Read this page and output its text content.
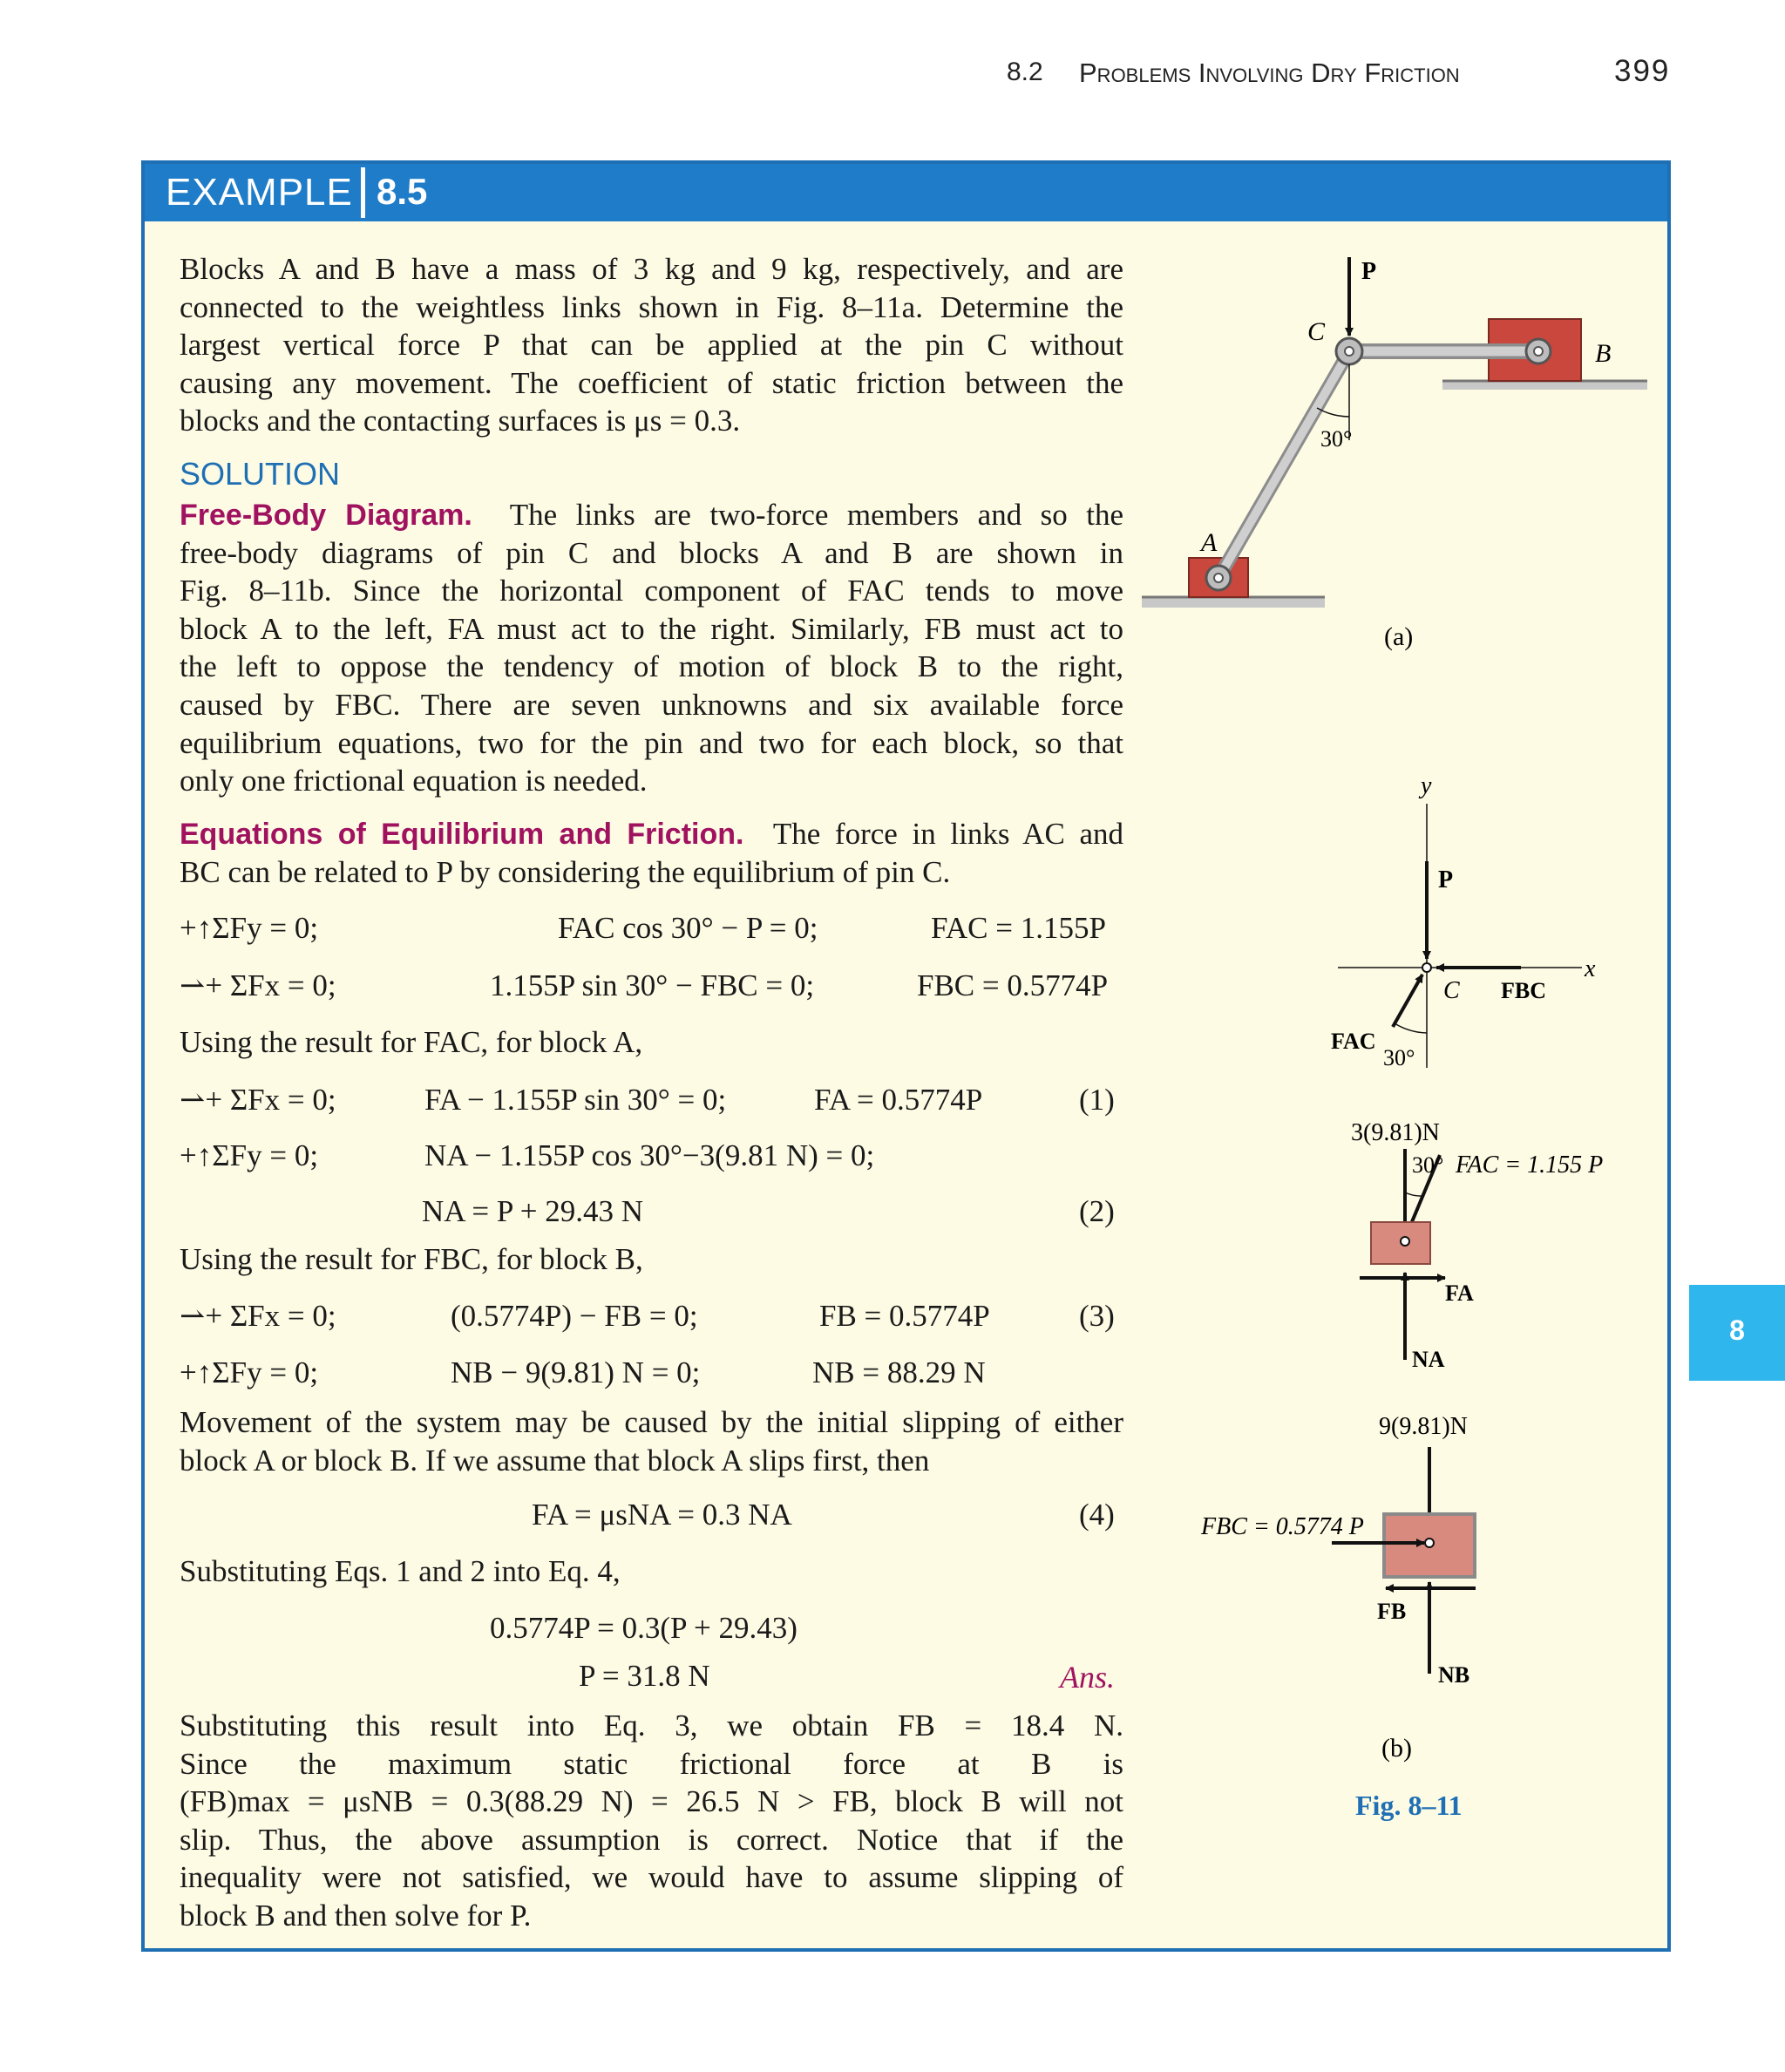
8.2 Problems Involving Dry Friction	399
EXAMPLE 8.5
Blocks A and B have a mass of 3 kg and 9 kg, respectively, and are
connected to the weightless links shown in Fig. 8–11a. Determine the
largest vertical force P that can be applied at the pin C without
causing any movement. The coefficient of static friction between the
blocks and the contacting surfaces is μs = 0.3.
SOLUTION
Free-Body Diagram. The links are two-force members and so the
free-body diagrams of pin C and blocks A and B are shown in
Fig. 8–11b. Since the horizontal component of FAC tends to move
block A to the left, FA must act to the right. Similarly, FB must act to
the left to oppose the tendency of motion of block B to the right,
caused by FBC. There are seven unknowns and six available force
equilibrium equations, two for the pin and two for each block, so that
only one frictional equation is needed.
Equations of Equilibrium and Friction. The force in links AC and
BC can be related to P by considering the equilibrium of pin C.
+↑ΣFy = 0;	FAC cos 30° − P = 0;	FAC = 1.155P
⇀+ ΣFx = 0;	1.155P sin 30° − FBC = 0;	FBC = 0.5774P
Using the result for FAC, for block A,
⇀+ ΣFx = 0;	FA − 1.155P sin 30° = 0;	FA = 0.5774P	(1)
+↑ΣFy = 0;	NA − 1.155P cos 30°−3(9.81 N) = 0;
NA = P + 29.43 N	(2)
Using the result for FBC, for block B,
⇀+ ΣFx = 0;	(0.5774P) − FB = 0;	FB = 0.5774P	(3)
+↑ΣFy = 0;	NB − 9(9.81) N = 0;	NB = 88.29 N
Movement of the system may be caused by the initial slipping of either
block A or block B. If we assume that block A slips first, then
FA = μsNA = 0.3 NA	(4)
Substituting Eqs. 1 and 2 into Eq. 4,
0.5774P = 0.3(P + 29.43)
P = 31.8 N	Ans.
Substituting this result into Eq. 3, we obtain FB = 18.4 N.
Since the maximum static frictional force at B is
(FB)max = μsNB = 0.3(88.29 N) = 26.5 N > FB, block B will not
slip. Thus, the above assumption is correct. Notice that if the
inequality were not satisfied, we would have to assume slipping of
block B and then solve for P.
8
P
C
B
A
30°
(a)
y
x
P
C FBC
FAC
30°
3(9.81)N
30° FAC = 1.155 P
FA
NA
9(9.81)N
FBC = 0.5774 P
FB
NB
(b)
Fig. 8–11
